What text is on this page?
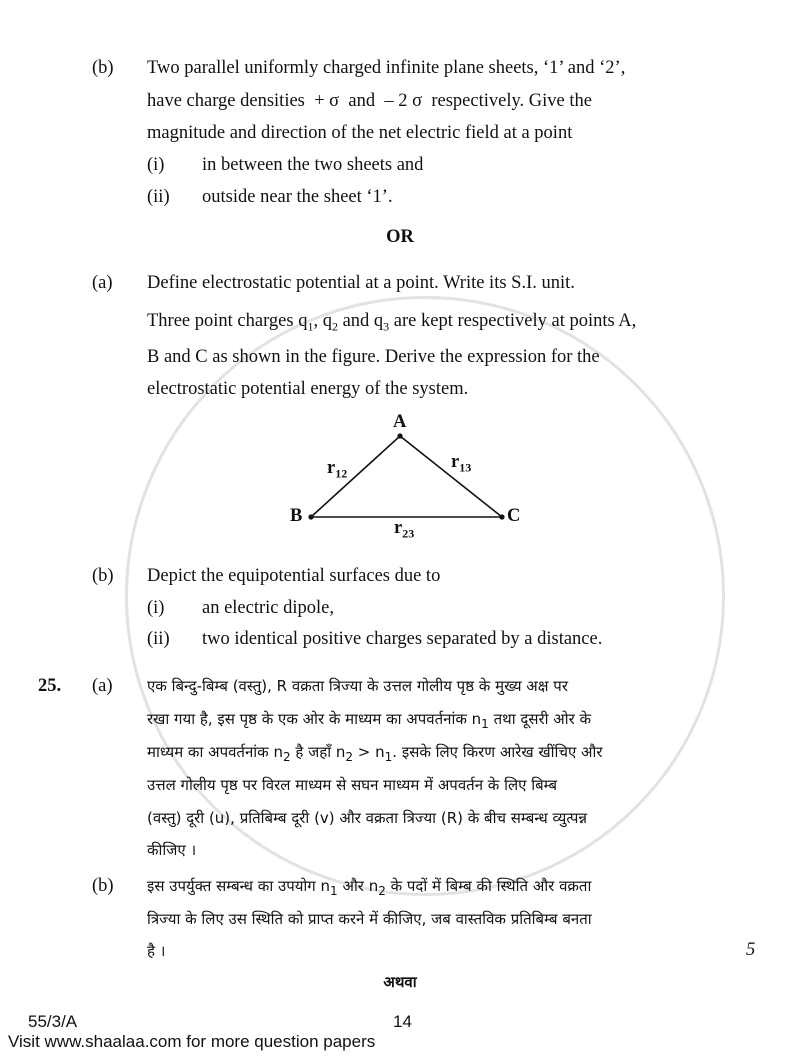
(b) Two parallel uniformly charged infinite plane sheets, ‘1’ and ‘2’,
have charge densities  + σ  and  – 2 σ  respectively. Give the
magnitude and direction of the net electric field at a point
(i) in between the two sheets and
(ii) outside near the sheet ‘1’.
OR
(a) Define electrostatic potential at a point. Write its S.I. unit.
Three point charges $q_1$, $q_2$ and $q_3$ are kept respectively at points A,
B and C as shown in the figure. Derive the expression for the
electrostatic potential energy of the system.
A
B	C
$r_{12}$
$r_{13}$
$r_{23}$
(b) Depict the equipotential surfaces due to
(i) an electric dipole,
(ii) two identical positive charges separated by a distance.
25. (a) एक बिन्दु-बिम्ब (वस्तु), R वक्रता त्रिज्या के उत्तल गोलीय पृष्ठ के मुख्य अक्ष पर
रखा गया है, इस पृष्ठ के एक ओर के माध्यम का अपवर्तनांक $n_1$ तथा दूसरी ओर के
माध्यम का अपवर्तनांक $n_2$ है जहाँ $n_2 > n_1$. इसके लिए किरण आरेख खींचिए और
उत्तल गोलीय पृष्ठ पर विरल माध्यम से सघन माध्यम में अपवर्तन के लिए बिम्ब
(वस्तु) दूरी (u), प्रतिबिम्ब दूरी (v) और वक्रता त्रिज्या (R) के बीच सम्बन्ध व्युत्पन्न
कीजिए ।
(b) इस उपर्युक्त सम्बन्ध का उपयोग $n_1$ और $n_2$ के पदों में बिम्ब की स्थिति और वक्रता
त्रिज्या के लिए उस स्थिति को प्राप्त करने में कीजिए, जब वास्तविक प्रतिबिम्ब बनता
है ।	5
अथवा
55/3/A	14
Visit www.shaalaa.com for more question papers
